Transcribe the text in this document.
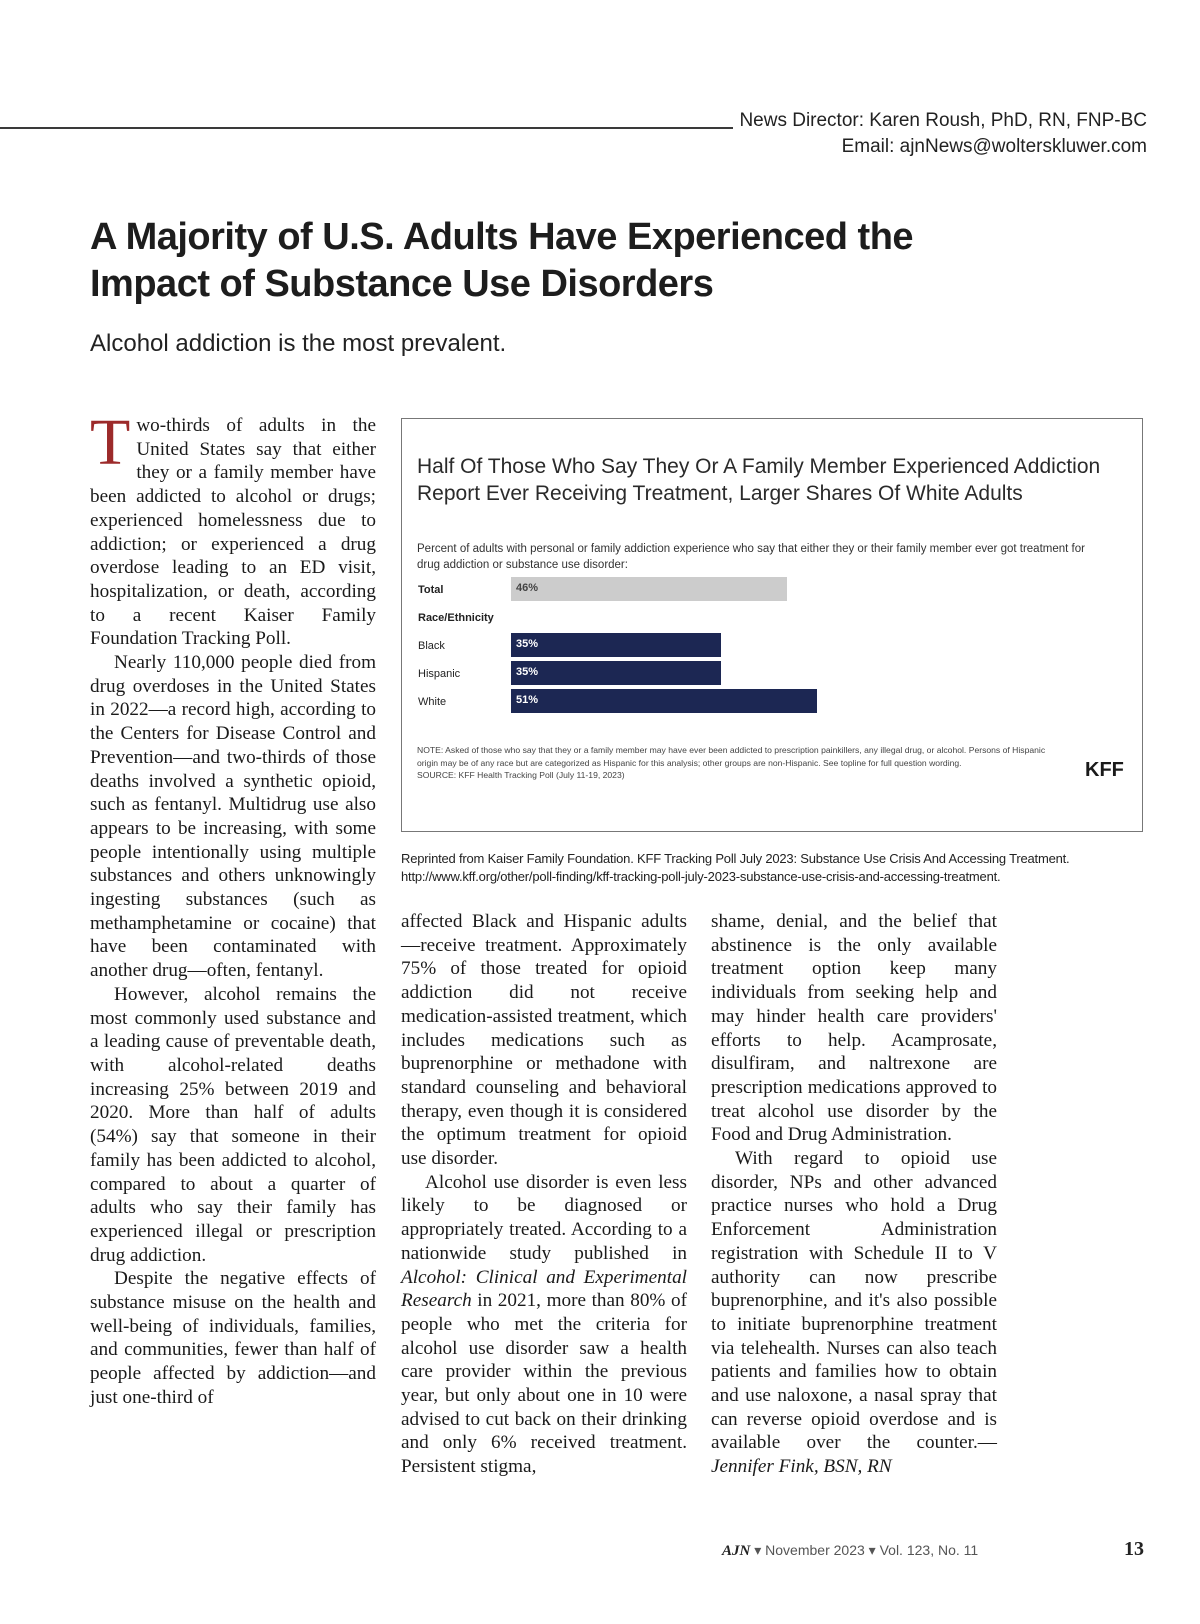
News Director: Karen Roush, PhD, RN, FNP-BC
Email: ajnNews@wolterskluwer.com
A Majority of U.S. Adults Have Experienced the Impact of Substance Use Disorders

Alcohol addiction is the most prevalent.

Two-thirds of adults in the United States say that either they or a family member have been addicted to alcohol or drugs; experienced homelessness due to addiction; or experienced a drug overdose leading to an ED visit, hospitalization, or death, according to a recent Kaiser Family Foundation Tracking Poll.

Nearly 110,000 people died from drug overdoses in the United States in 2022—a record high, according to the Centers for Disease Control and Prevention—and two-thirds of those deaths involved a synthetic opioid, such as fentanyl. Multidrug use also appears to be increasing, with some people intentionally using multiple substances and others unknowingly ingesting substances (such as methamphetamine or cocaine) that have been contaminated with another drug—often, fentanyl.

However, alcohol remains the most commonly used substance and a leading cause of preventable death, with alcohol-related deaths increasing 25% between 2019 and 2020. More than half of adults (54%) say that someone in their family has been addicted to alcohol, compared to about a quarter of adults who say their family has experienced illegal or prescription drug addiction.

Despite the negative effects of substance misuse on the health and well-being of individuals, families, and communities, fewer than half of people affected by addiction—and just one-third of

Half Of Those Who Say They Or A Family Member Experienced Addiction Report Ever Receiving Treatment, Larger Shares Of White Adults

Percent of adults with personal or family addiction experience who say that either they or their family member ever got treatment for drug addiction or substance use disorder:

Total
Race/Ethnicity
Black
Hispanic
White
46%
35%
35%
51%
NOTE: Asked of those who say that they or a family member may have ever been addicted to prescription painkillers, any illegal drug, or alcohol. Persons of Hispanic origin may be of any race but are categorized as Hispanic for this analysis; other groups are non-Hispanic. See topline for full question wording.
SOURCE: KFF Health Tracking Poll (July 11-19, 2023)	KFF
Reprinted from Kaiser Family Foundation. KFF Tracking Poll July 2023: Substance Use Crisis And Accessing Treatment. http://www.kff.org/other/poll-finding/kff-tracking-poll-july-2023-substance-use-crisis-and-accessing-treatment.

affected Black and Hispanic adults—receive treatment. Approximately 75% of those treated for opioid addiction did not receive medication-assisted treatment, which includes medications such as buprenorphine or methadone with standard counseling and behavioral therapy, even though it is considered the optimum treatment for opioid use disorder.

Alcohol use disorder is even less likely to be diagnosed or appropriately treated. According to a nationwide study published in Alcohol: Clinical and Experimental Research in 2021, more than 80% of people who met the criteria for alcohol use disorder saw a health care provider within the previous year, but only about one in 10 were advised to cut back on their drinking and only 6% received treatment. Persistent stigma,

shame, denial, and the belief that abstinence is the only available treatment option keep many individuals from seeking help and may hinder health care providers' efforts to help. Acamprosate, disulfiram, and naltrexone are prescription medications approved to treat alcohol use disorder by the Food and Drug Administration.

With regard to opioid use disorder, NPs and other advanced practice nurses who hold a Drug Enforcement Administration registration with Schedule II to V authority can now prescribe buprenorphine, and it's also possible to initiate buprenorphine treatment via telehealth. Nurses can also teach patients and families how to obtain and use naloxone, a nasal spray that can reverse opioid overdose and is available over the counter.— Jennifer Fink, BSN, RN

AJN ▾ November 2023 ▾ Vol. 123, No. 11	13
